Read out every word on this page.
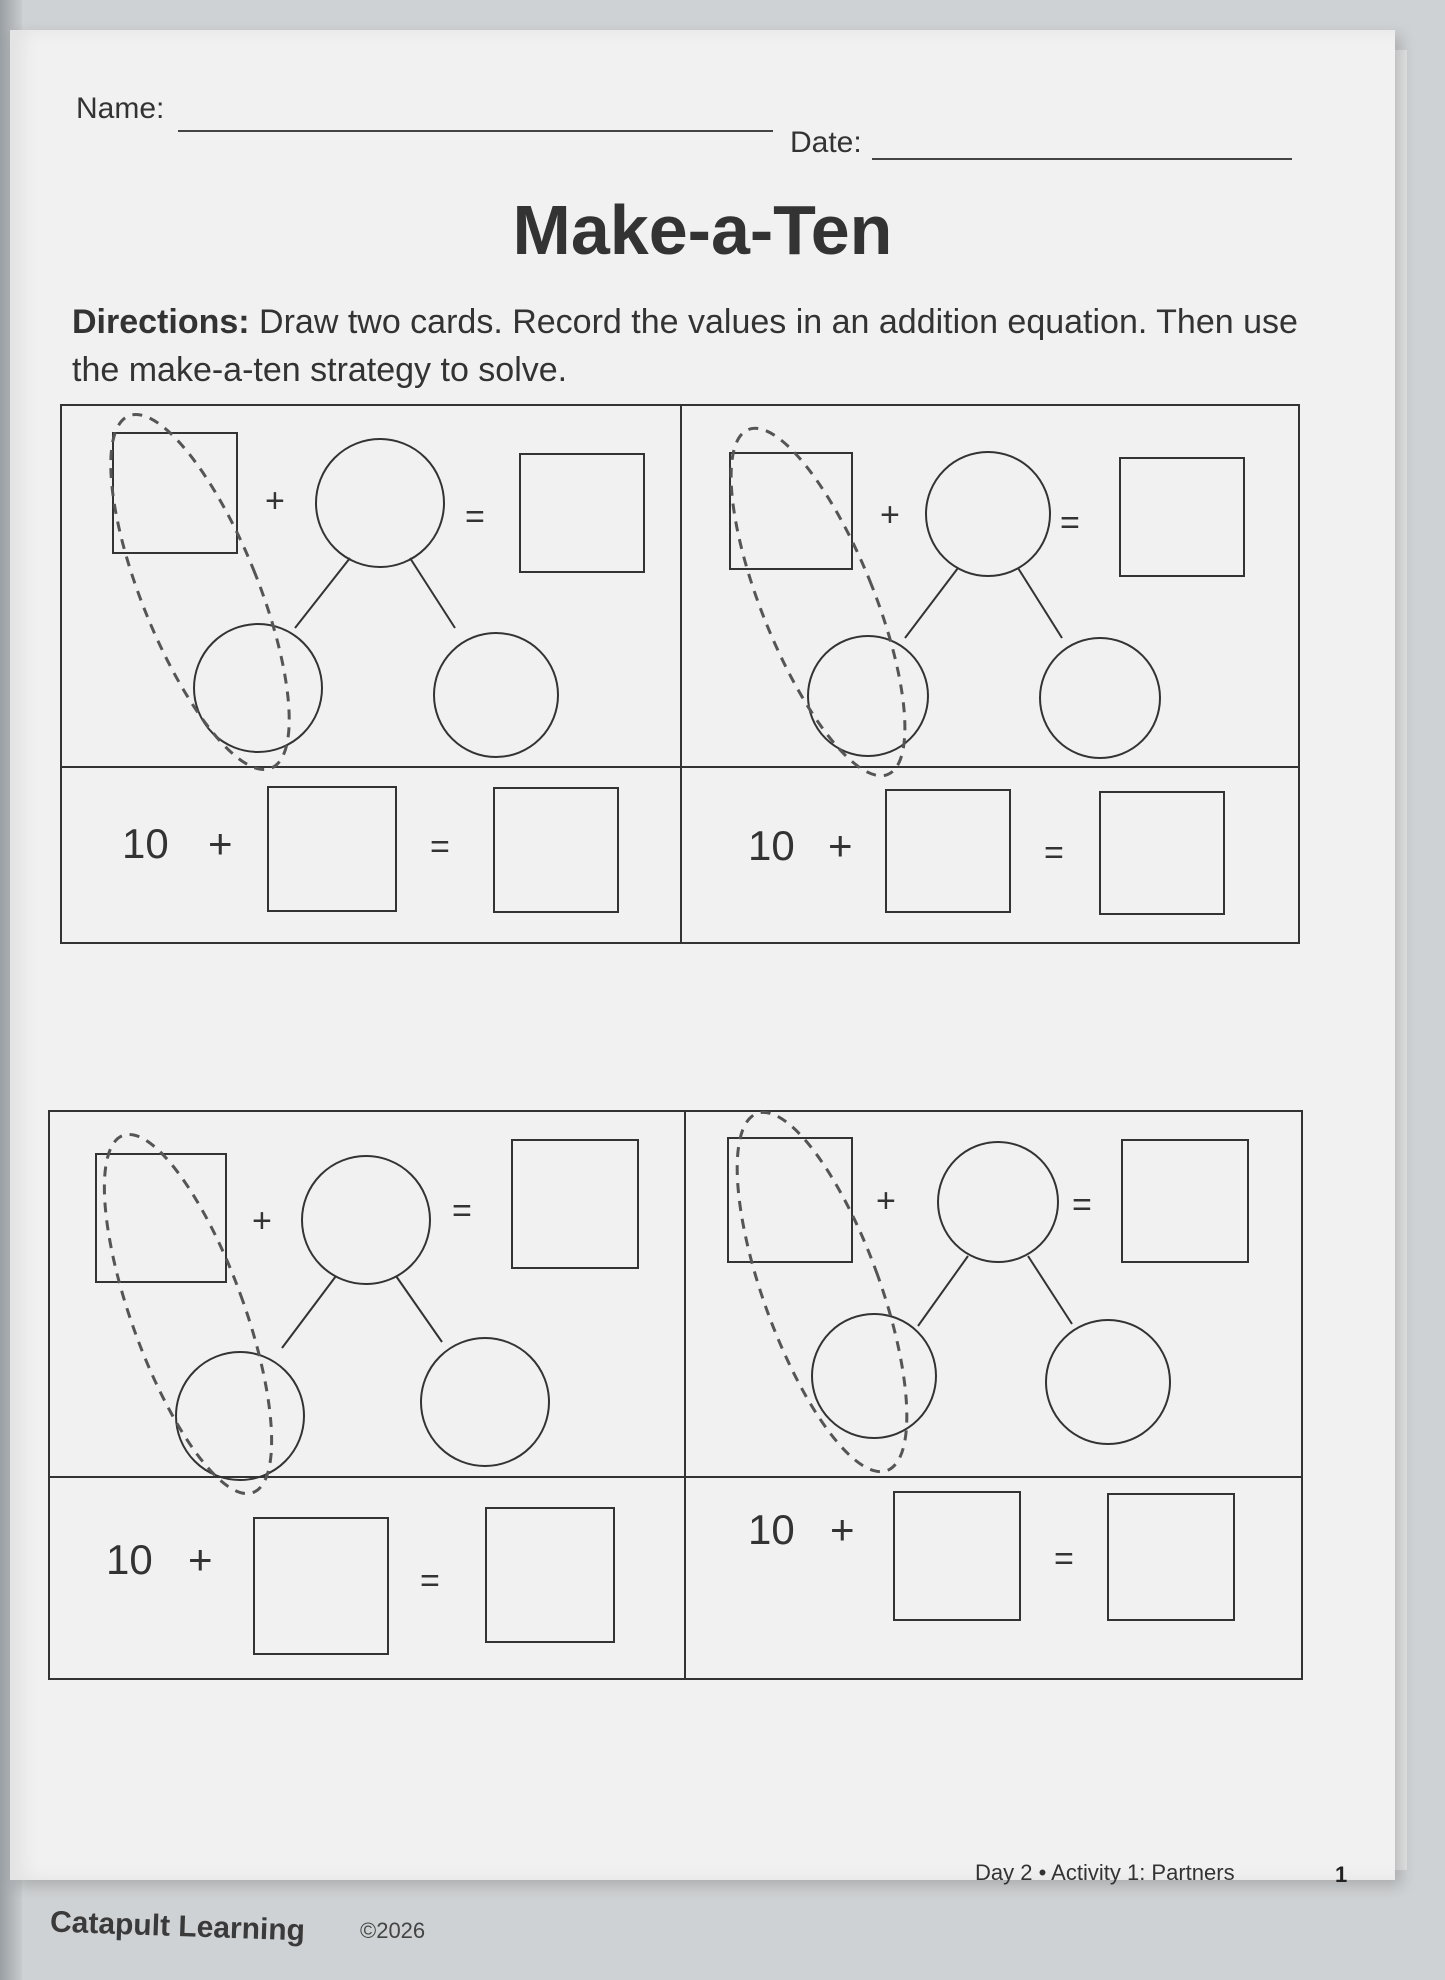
Name:
Date:
Make-a-Ten
Directions: Draw two cards. Record the values in an addition equation. Then use the make-a-ten strategy to solve.
+	=
10 +	=
+	=
10 +	=
+	=
10 +	=
+	=
10 +
=
Day 2 • Activity 1: Partners	1
Catapult Learning ©2026
